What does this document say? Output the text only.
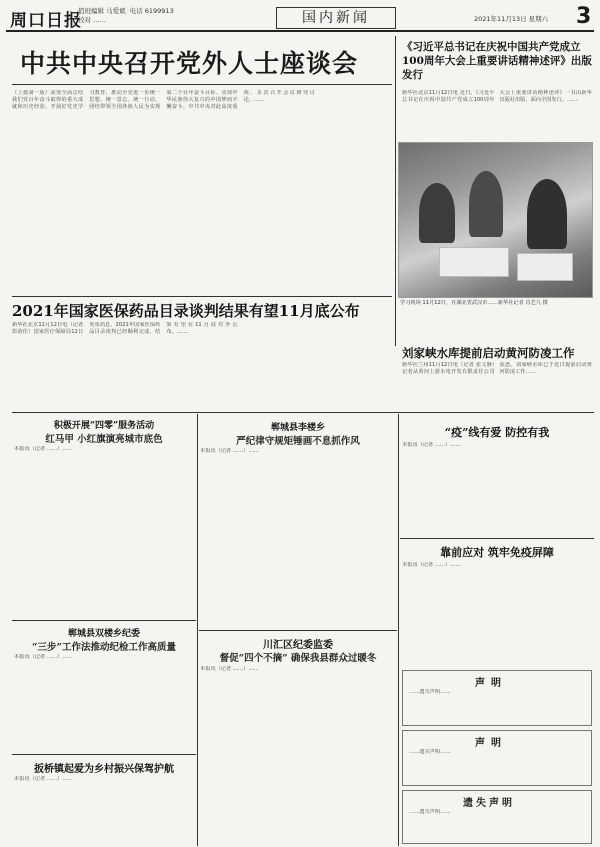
周口日报
值班编辑 马爱斌  电话 6199913
校对 ……	国内新闻	2021年11月13日 星期六 3
中共中央召开党外人士座谈会
（上接第一版）需要全面总结我们党百年奋斗取得的重大成就和历史经验，开展好党史学习教育，推动全党进一步统一思想、统一意志、统一行动，团结带领全国各族人民为实现第二个百年奋斗目标、实现中华民族伟大复兴的中国梦而不懈奋斗。中共中央对此高度重视，多次召开会议研究讨论。……
《习近平总书记在庆祝中国共产党成立100周年大会上重要讲话精神述评》出版发行
新华社北京11月12日电 近日，《习近平总书记在庆祝中国共产党成立100周年大会上重要讲话精神述评》一书由新华出版社出版，面向全国发行。……
学习现场 11月12日，在湖北省武汉市……新华社记者 肖艺九 摄
2021年国家医保药品目录谈判结果有望11月底公布
新华社北京11月12日电（记者 彭韵佳）国家医疗保障局12日发布消息，2021年国家医保药品目录谈判已经顺利完成，结果有望在11月底对外公布。……
刘家峡水库提前启动黄河防凌工作
新华社兰州11月12日电（记者 张文静）记者从黄河上游水电开发有限责任公司获悉，刘家峡水库已于近日提前启动黄河防凌工作……
积极开展“四零”服务活动
红马甲 小红旗演亮城市底色
本报讯（记者 ……）……
郸城县李楼乡
严纪律守规矩锤画不息抓作风
本报讯（记者 ……）……
“疫”线有爱 防控有我
本报讯（记者 ……）……
郸城县双楼乡纪委
“三步”工作法推动纪检工作高质量
本报讯（记者 ……）……
川汇区纪委监委
督促“四个不摘” 确保我县群众过暖冬
本报讯（记者 ……）……
靠前应对 筑牢免疫屏障
本报讯（记者 ……）……
扳桥镇起爱为乡村振兴保驾护航
本报讯（记者 ……）……
声明
……遗失声明……
声明
……遗失声明……
遗失声明
……遗失声明……
